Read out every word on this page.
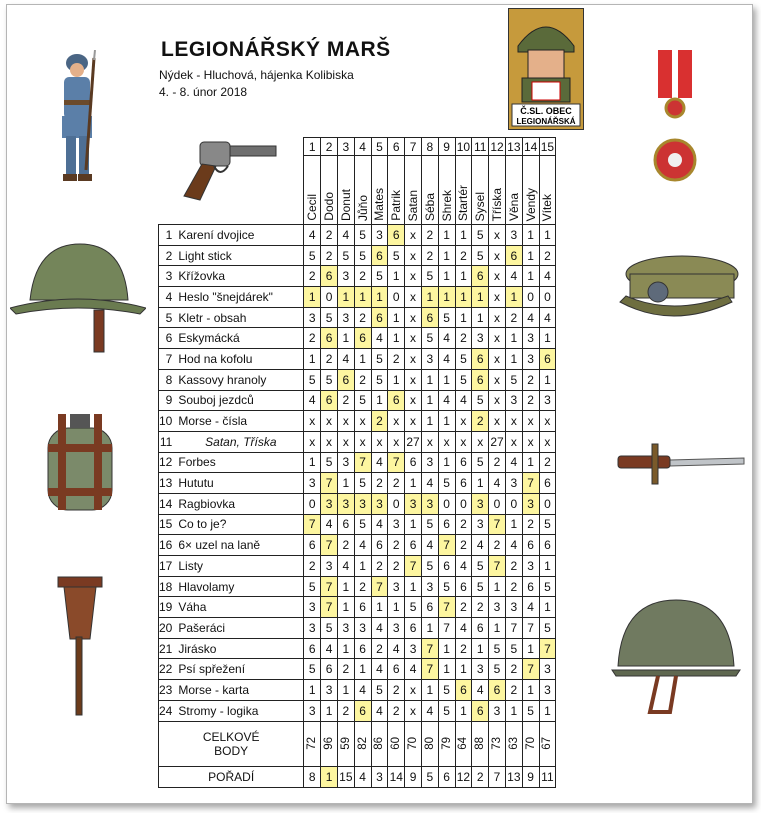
LEGIONÁŘSKÝ MARŠ
Nýdek - Hluchová, hájenka Kolibiska
4. - 8. únor 2018
Č.SL. OBEC
LEGIONÁŘSKÁ
		1	2	3	4	5	6	7	8	9	10	11	12	13	14	15
		Cecil	Dodo	Donut	Jůňo	Mates	Patrik	Satan	Séba	Shrek	Startér	Sysel	Tříska	Věna	Vendy	Vítek
1	Karení dvojice	4	2	4	5	3	6	x	2	1	1	5	x	3	1	1
2	Light stick	5	2	5	5	6	5	x	2	1	2	5	x	6	1	2
3	Křížovka	2	6	3	2	5	1	x	5	1	1	6	x	4	1	4
4	Heslo "šnejdárek"	1	0	1	1	1	0	x	1	1	1	1	x	1	0	0
5	Kletr - obsah	3	5	3	2	6	1	x	6	5	1	1	x	2	4	4
6	Eskymácká	2	6	1	6	4	1	x	5	4	2	3	x	1	3	1
7	Hod na kofolu	1	2	4	1	5	2	x	3	4	5	6	x	1	3	6
8	Kassovy hranoly	5	5	6	2	5	1	x	1	1	5	6	x	5	2	1
9	Souboj jezdců	4	6	2	5	1	6	x	1	4	4	5	x	3	2	3
10	Morse - čísla	x	x	x	x	2	x	x	1	1	x	2	x	x	x	x
11	Satan, Tříska	x	x	x	x	x	x	27	x	x	x	x	27	x	x	x
12	Forbes	1	5	3	7	4	7	6	3	1	6	5	2	4	1	2
13	Hututu	3	7	1	5	2	2	1	4	5	6	1	4	3	7	6
14	Ragbiovka	0	3	3	3	3	0	3	3	0	0	3	0	0	3	0
15	Co to je?	7	4	6	5	4	3	1	5	6	2	3	7	1	2	5
16	6× uzel na laně	6	7	2	4	6	2	6	4	7	2	4	2	4	6	6
17	Listy	2	3	4	1	2	2	7	5	6	4	5	7	2	3	1
18	Hlavolamy	5	7	1	2	7	3	1	3	5	6	5	1	2	6	5
19	Váha	3	7	1	6	1	1	5	6	7	2	2	3	3	4	1
20	Pašeráci	3	5	3	3	4	3	6	1	7	4	6	1	7	7	5
21	Jirásko	6	4	1	6	2	4	3	7	1	2	1	5	5	1	7
22	Psí spřežení	5	6	2	1	4	6	4	7	1	1	3	5	2	7	3
23	Morse - karta	1	3	1	4	5	2	x	1	5	6	4	6	2	1	3
24	Stromy - logika	3	1	2	6	4	2	x	4	5	1	6	3	1	5	1

CELKOVÉ
BODY		72	96	59	82	86	60	70	80	79	64	88	73	63	70	67
POŘADÍ		8	1	15	4	3	14	9	5	6	12	2	7	13	9	11
